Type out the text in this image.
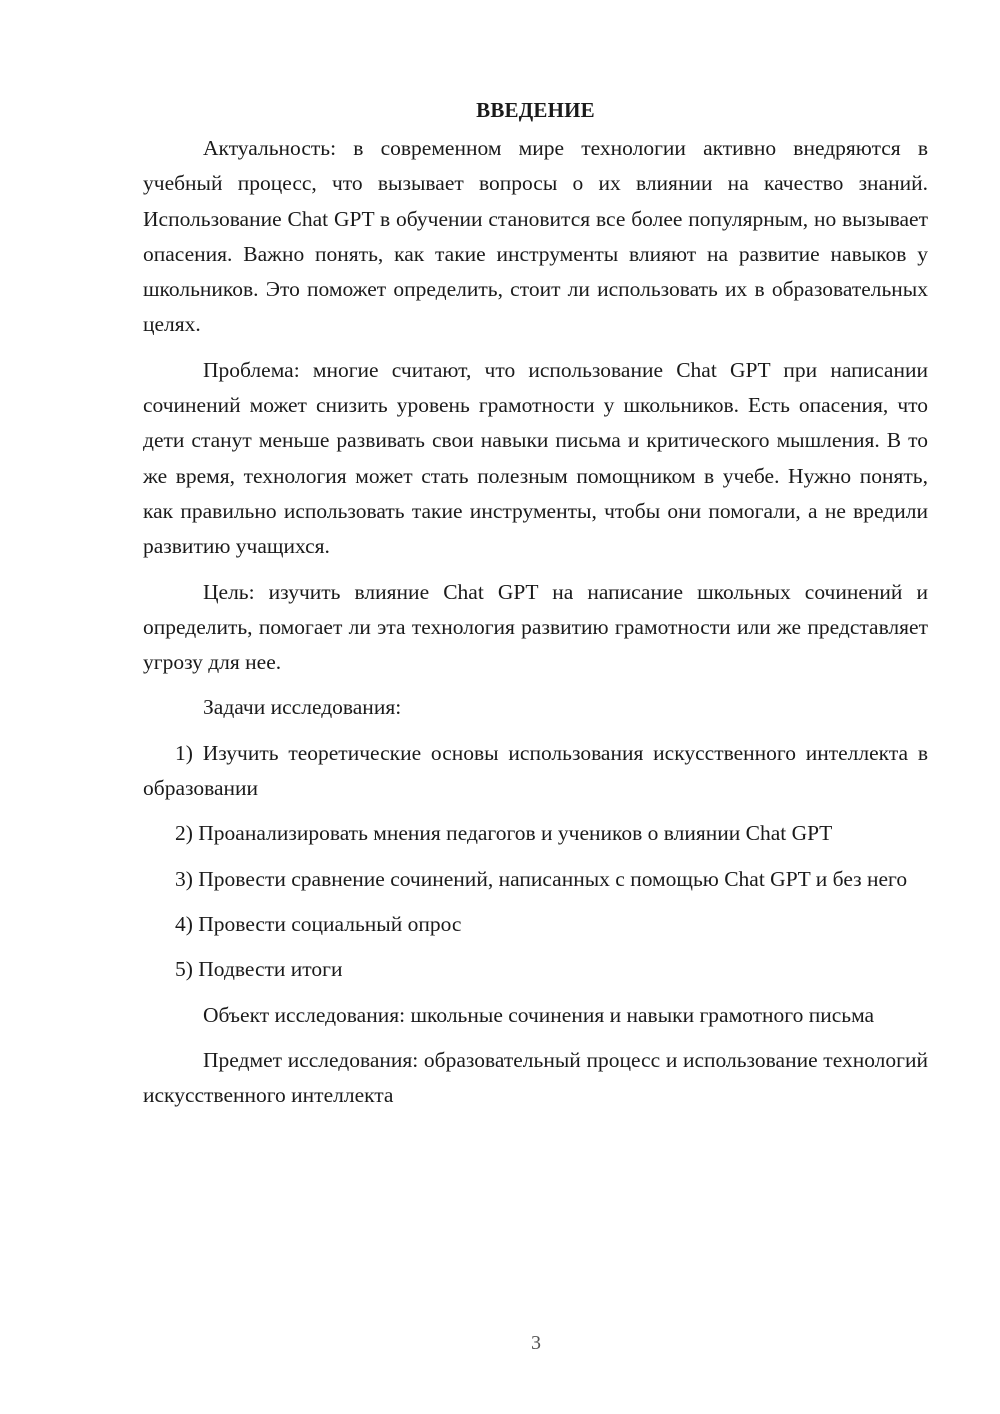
ВВЕДЕНИЕ

Актуальность: в современном мире технологии активно внедряются в учебный процесс, что вызывает вопросы о их влиянии на качество знаний. Использование Chat GPT в обучении становится все более популярным, но вызывает опасения. Важно понять, как такие инструменты влияют на развитие навыков у школьников. Это поможет определить, стоит ли использовать их в образовательных целях.

Проблема: многие считают, что использование Chat GPT при написании сочинений может снизить уровень грамотности у школьников. Есть опасения, что дети станут меньше развивать свои навыки письма и критического мышления. В то же время, технология может стать полезным помощником в учебе. Нужно понять, как правильно использовать такие инструменты, чтобы они помогали, а не вредили развитию учащихся.

Цель: изучить влияние Chat GPT на написание школьных сочинений и определить, помогает ли эта технология развитию грамотности или же представляет угрозу для нее.

Задачи исследования:

1) Изучить теоретические основы использования искусственного интеллекта в образовании

2) Проанализировать мнения педагогов и учеников о влиянии Chat GPT

3) Провести сравнение сочинений, написанных с помощью Chat GPT и без него

4) Провести социальный опрос

5) Подвести итоги

Объект исследования: школьные сочинения и навыки грамотного письма

Предмет исследования: образовательный процесс и использование технологий искусственного интеллекта

3
